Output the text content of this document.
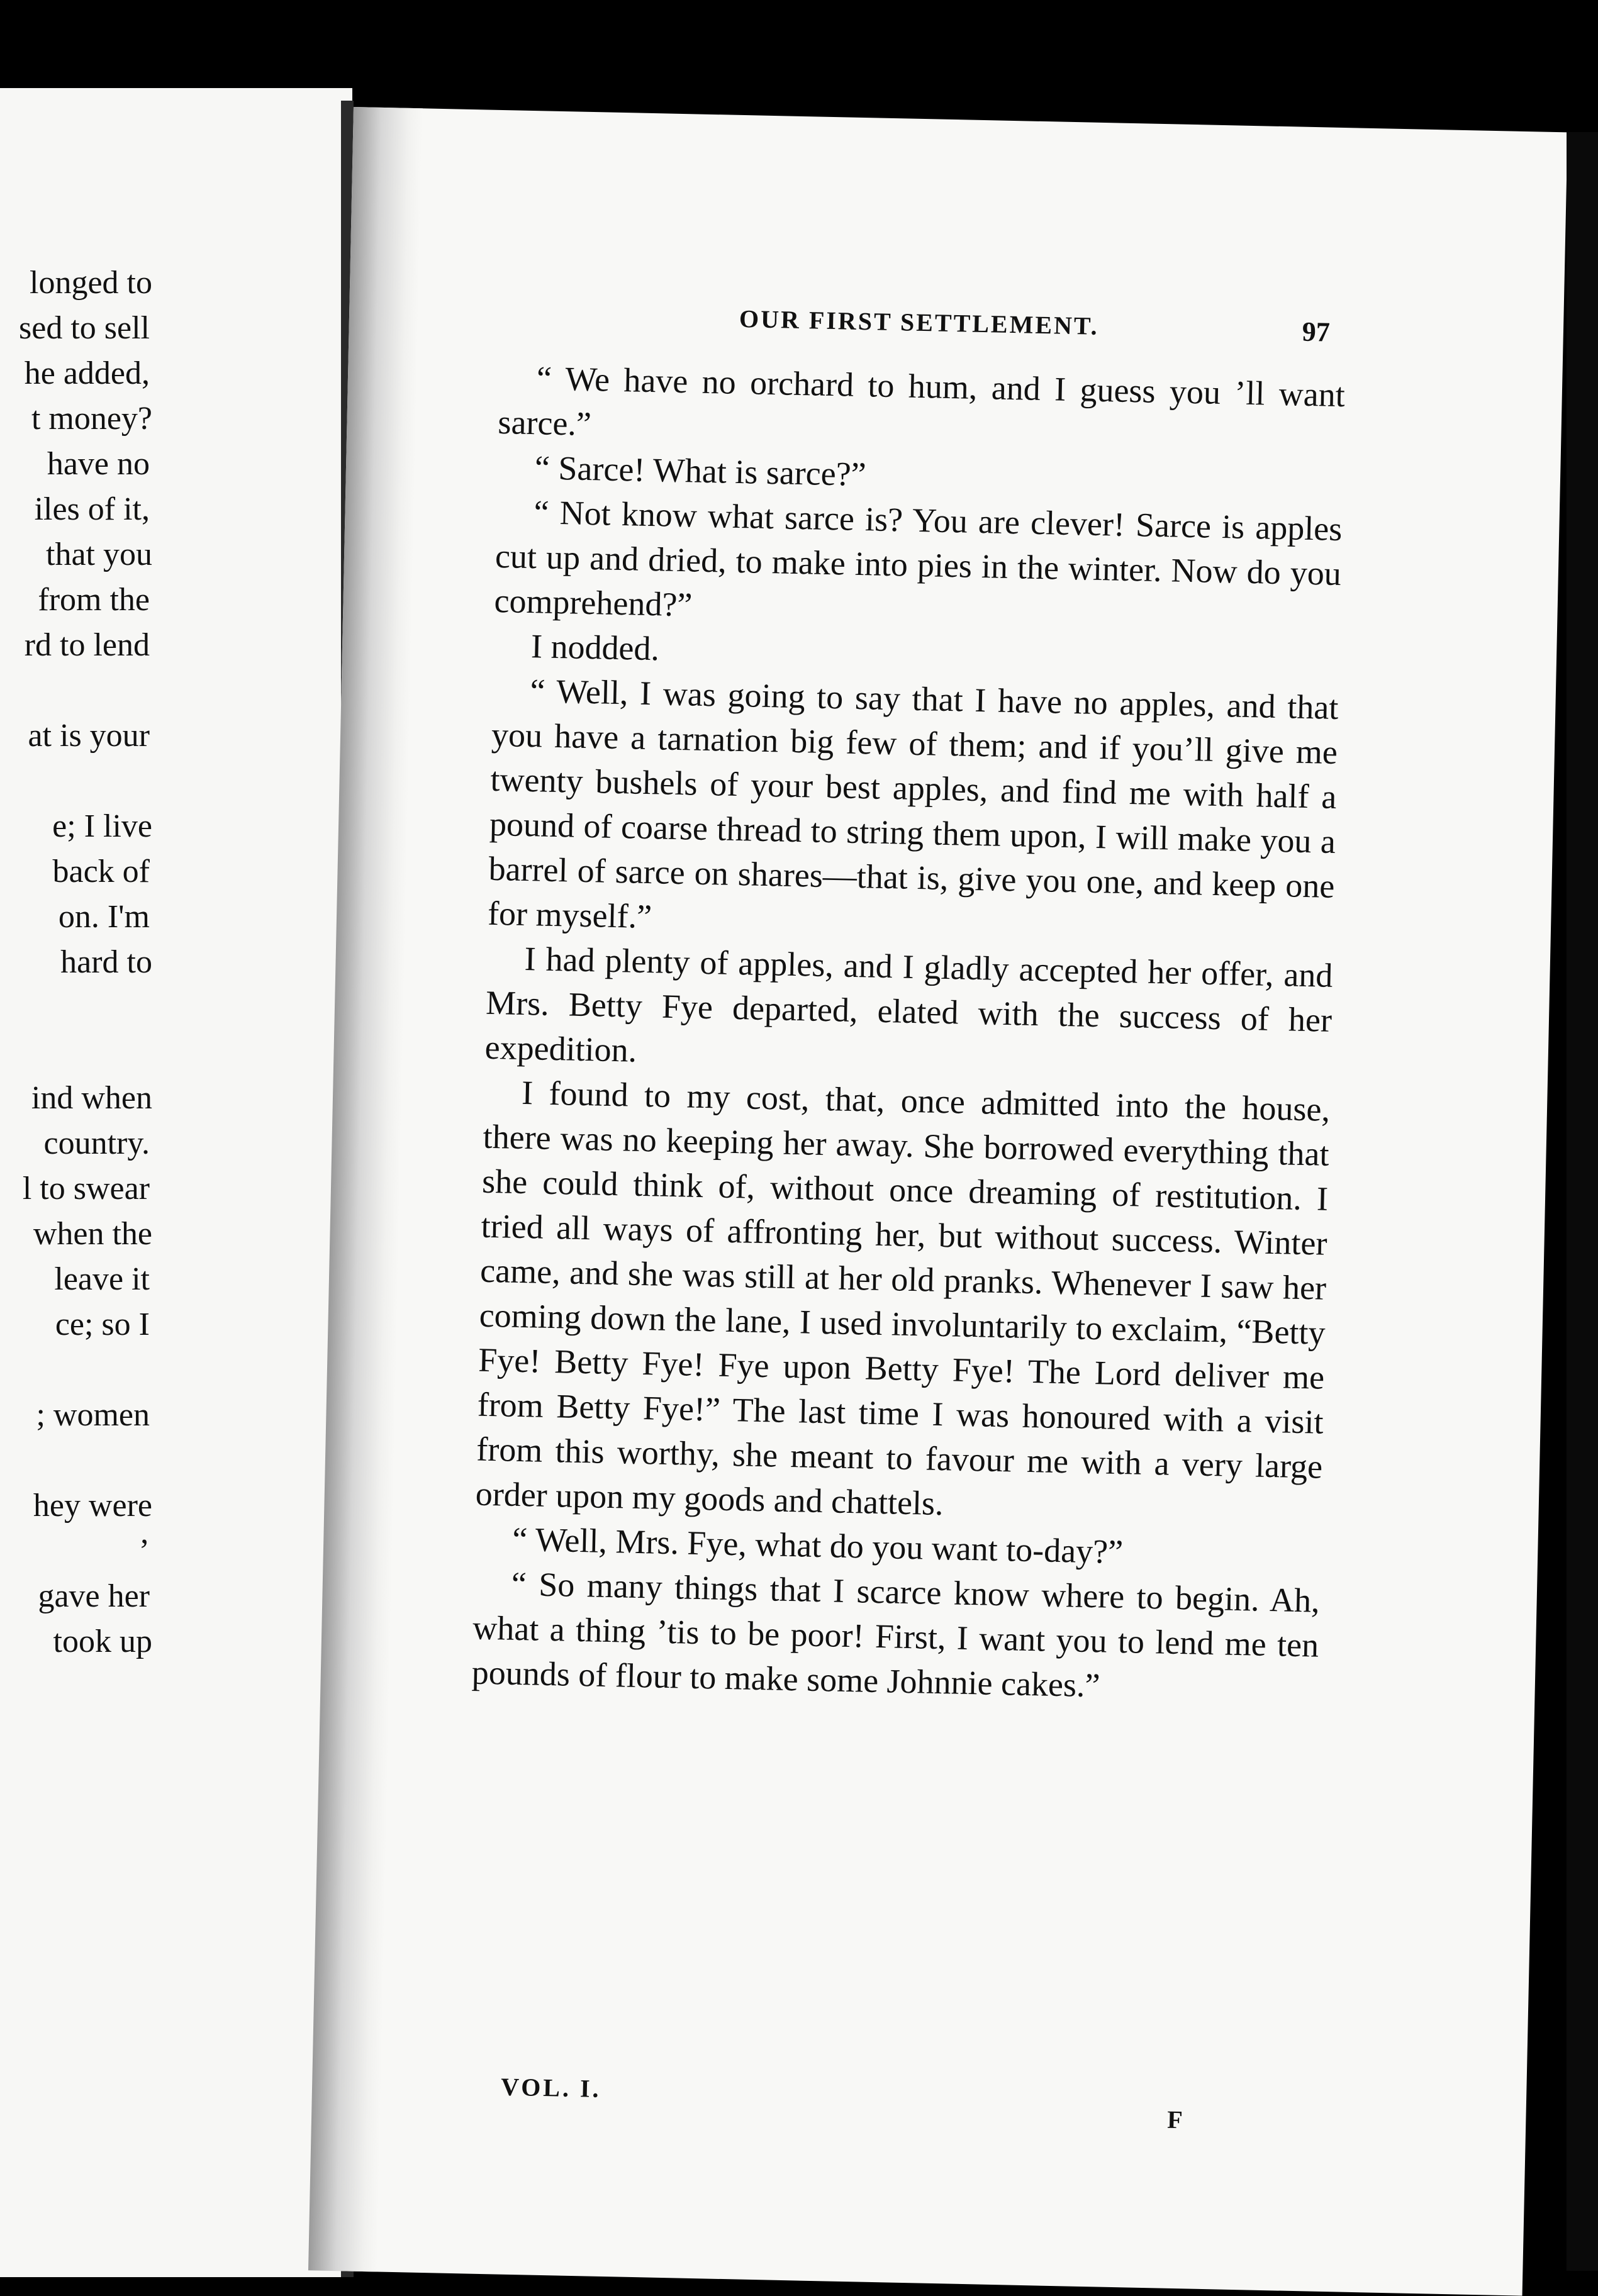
longed to

sed to sell

he added,

t money?

have no

iles of it,

that you

from the

rd to lend

at is your

e; I live

back of

on. I'm

hard to

ind when

country.

l to swear

when the

leave it

ce; so I

; women

hey were

’

gave her

took up

OUR FIRST SETTLEMENT.	97

“ We have no orchard to hum, and I guess you ’ll want sarce.”

“ Sarce! What is sarce?”

“ Not know what sarce is? You are clever! Sarce is apples cut up and dried, to make into pies in the winter. Now do you comprehend?”

I nodded.

“ Well, I was going to say that I have no apples, and that you have a tarnation big few of them; and if you’ll give me twenty bushels of your best apples, and find me with half a pound of coarse thread to string them upon, I will make you a barrel of sarce on shares—that is, give you one, and keep one for myself.”

I had plenty of apples, and I gladly accepted her offer, and Mrs. Betty Fye departed, elated with the success of her expedition.

I found to my cost, that, once admitted into the house, there was no keeping her away. She borrowed everything that she could think of, without once dreaming of restitution. I tried all ways of affronting her, but without success. Winter came, and she was still at her old pranks. Whenever I saw her coming down the lane, I used involuntarily to exclaim, “Betty Fye! Betty Fye! Fye upon Betty Fye! The Lord deliver me from Betty Fye!” The last time I was honoured with a visit from this worthy, she meant to favour me with a very large order upon my goods and chattels.

“ Well, Mrs. Fye, what do you want to-day?”

“ So many things that I scarce know where to begin. Ah, what a thing ’tis to be poor! First, I want you to lend me ten pounds of flour to make some Johnnie cakes.”

VOL. I.
F
